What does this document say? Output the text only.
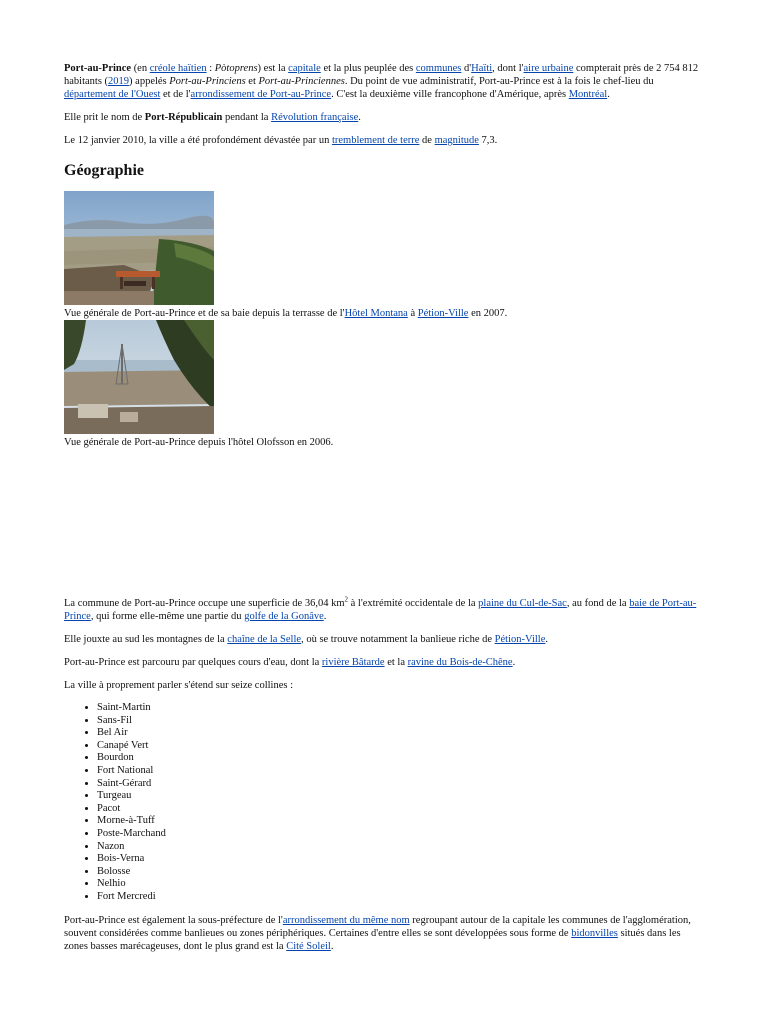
Port-au-Prince (en créole haïtien : Pòtoprens) est la capitale et la plus peuplée des communes d'Haïti, dont l'aire urbaine compterait près de 2 754 812 habitants (2019) appelés Port-au-Princiens et Port-au-Princiennes. Du point de vue administratif, Port-au-Prince est à la fois le chef-lieu du département de l'Ouest et de l'arrondissement de Port-au-Prince. C'est la deuxième ville francophone d'Amérique, après Montréal.

Elle prit le nom de Port-Républicain pendant la Révolution française.

Le 12 janvier 2010, la ville a été profondément dévastée par un tremblement de terre de magnitude 7,3.

Géographie

Vue générale de Port-au-Prince et de sa baie depuis la terrasse de l'Hôtel Montana à Pétion-Ville en 2007.

Vue générale de Port-au-Prince depuis l'hôtel Olofsson en 2006.

La commune de Port-au-Prince occupe une superficie de 36,04 $km^2$ à l'extrémité occidentale de la plaine du Cul-de-Sac, au fond de la baie de Port-au-Prince, qui forme elle-même une partie du golfe de la Gonâve.

Elle jouxte au sud les montagnes de la chaîne de la Selle, où se trouve notamment la banlieue riche de Pétion-Ville.

Port-au-Prince est parcouru par quelques cours d'eau, dont la rivière Bâtarde et la ravine du Bois-de-Chêne.

La ville à proprement parler s'étend sur seize collines :

• Saint-Martin
• Sans-Fil
• Bel Air
• Canapé Vert
• Bourdon
• Fort National
• Saint-Gérard
• Turgeau
• Pacot
• Morne-à-Tuff
• Poste-Marchand
• Nazon
• Bois-Verna
• Bolosse
• Nelhio
• Fort Mercredi

Port-au-Prince est également la sous-préfecture de l'arrondissement du même nom regroupant autour de la capitale les communes de l'agglomération, souvent considérées comme banlieues ou zones périphériques. Certaines d'entre elles se sont développées sous forme de bidonvilles situés dans les zones basses marécageuses, dont le plus grand est la Cité Soleil.
